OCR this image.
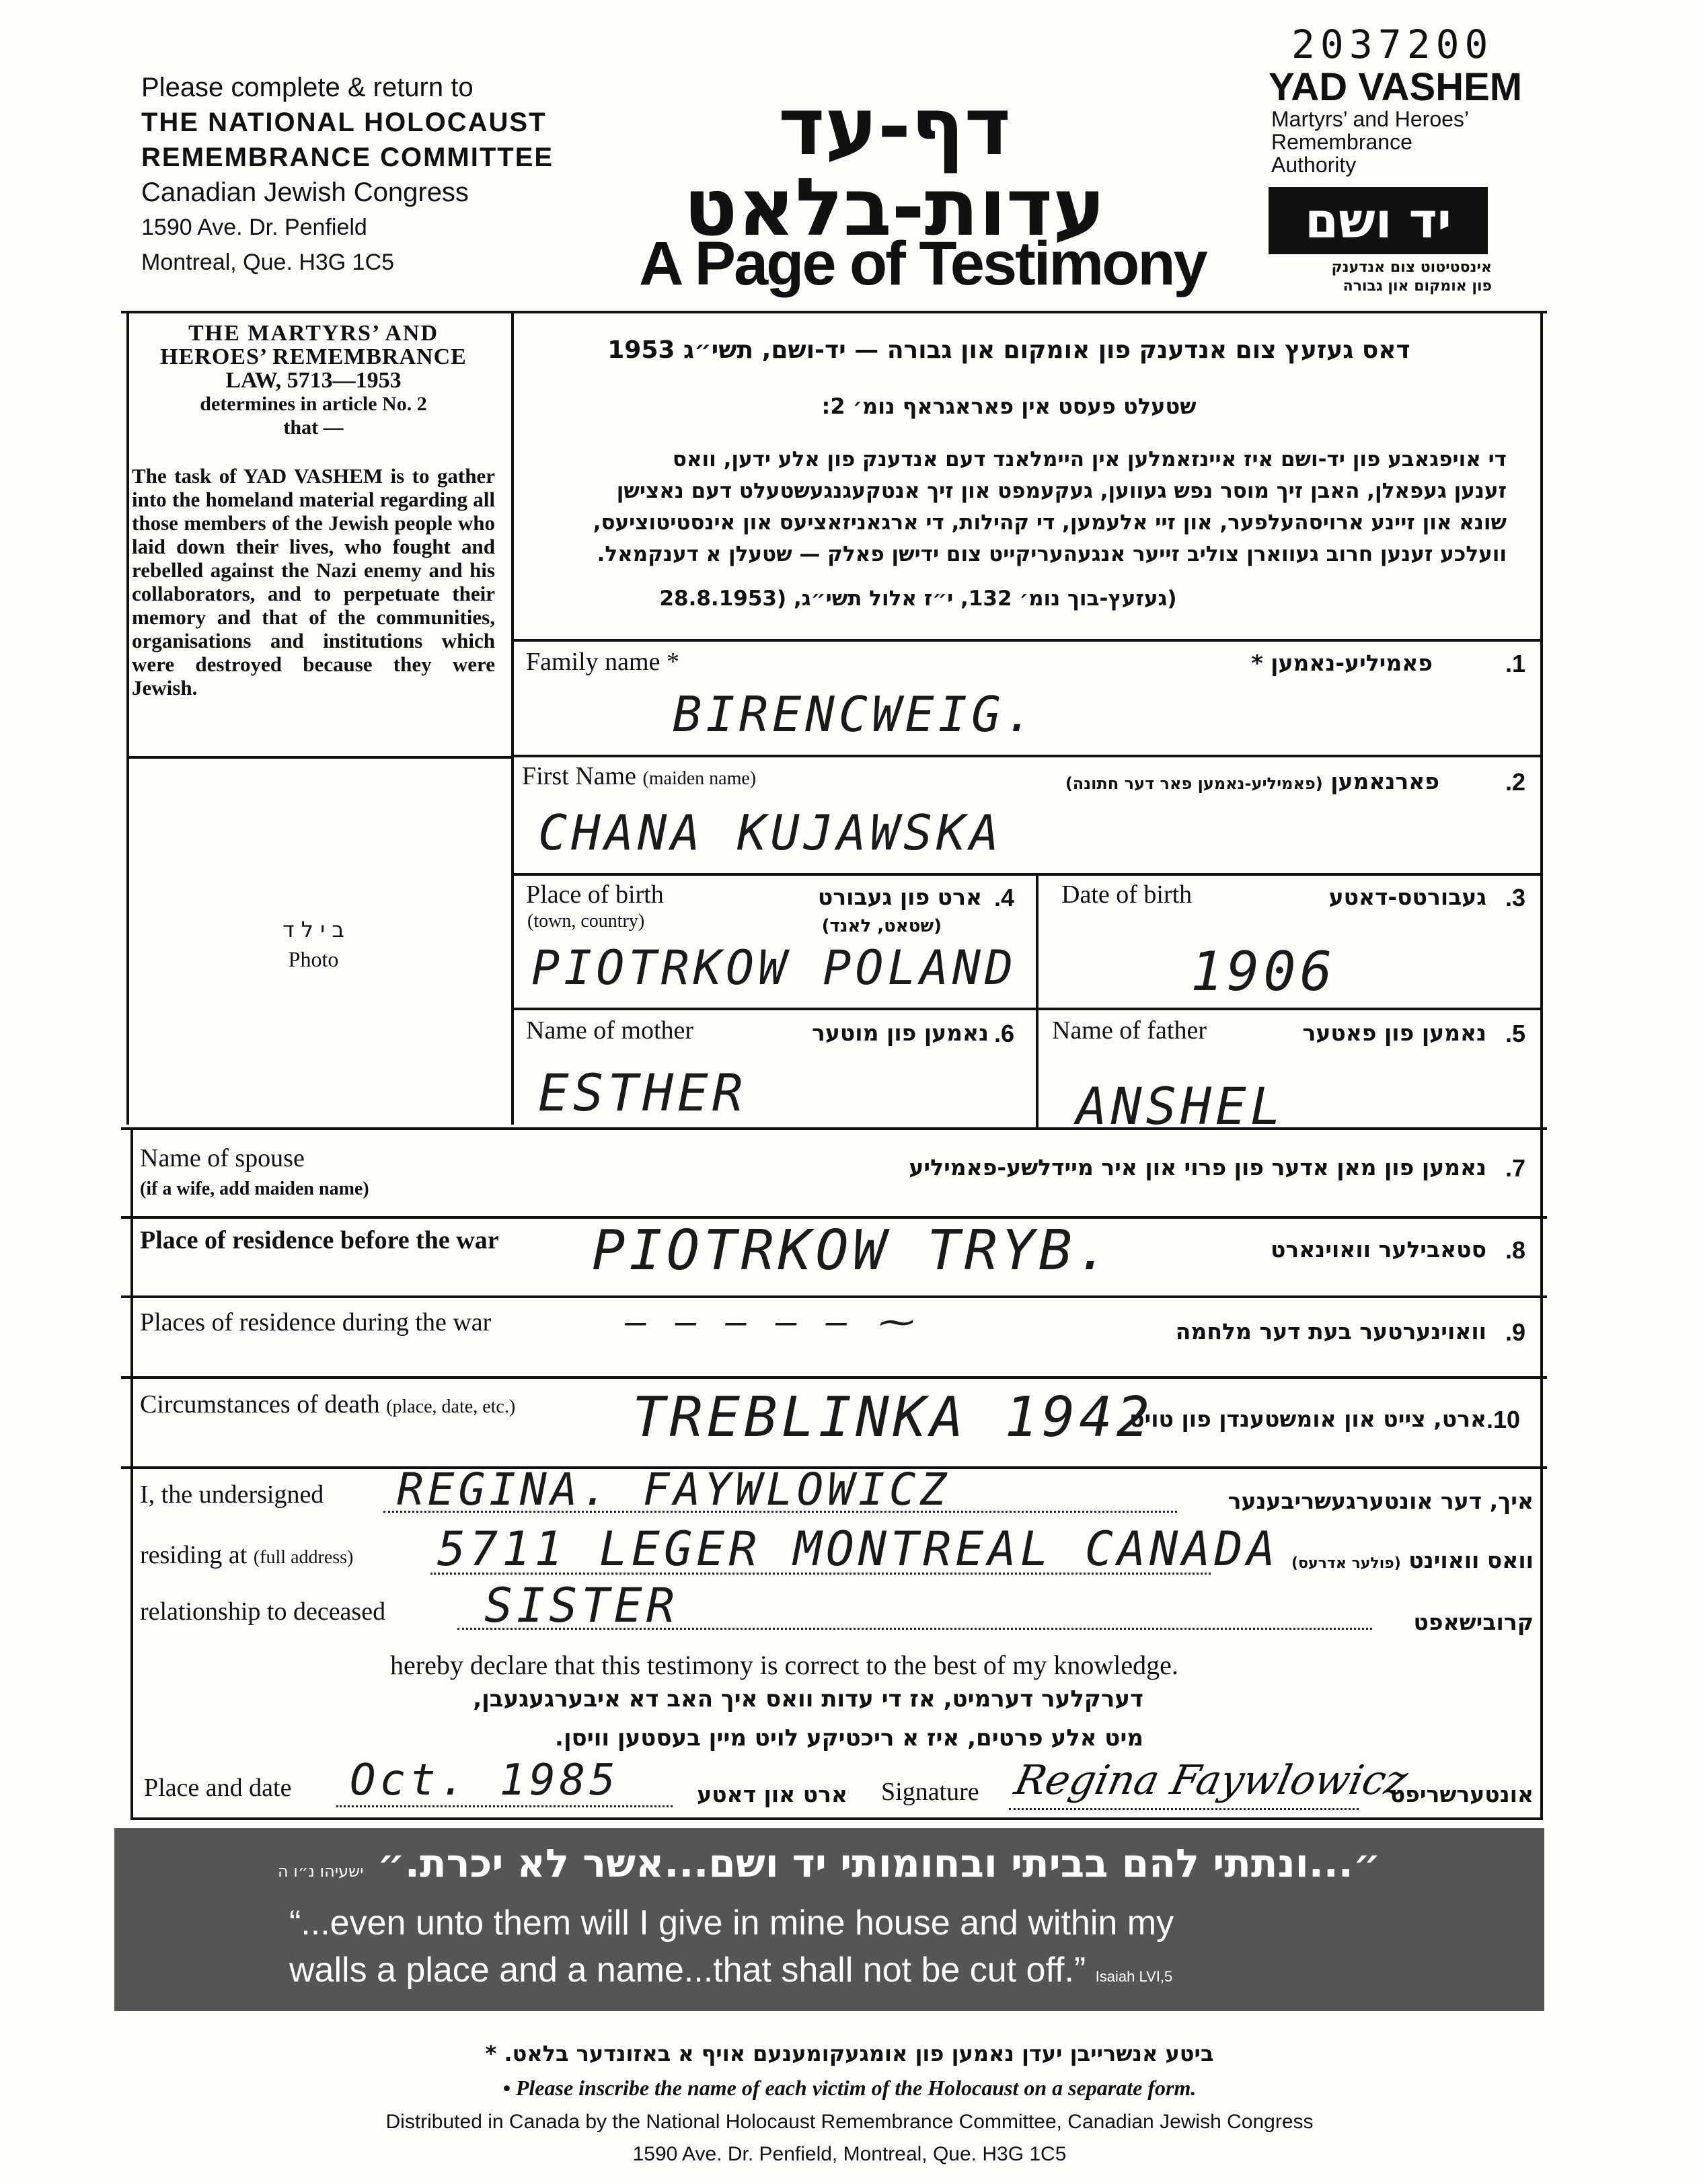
Please complete & return to
THE NATIONAL HOLOCAUST
REMEMBRANCE COMMITTEE
Canadian Jewish Congress
1590 Ave. Dr. Penfield
Montreal, Que. H3G 1C5
דף-עד
עדות-בלאט
A Page of Testimony
2037200
YAD VASHEM
Martyrs’ and Heroes’
Remembrance
Authority
יד ושם
אינסטיטוט צום אנדענק
פון אומקום און גבורה
THE MARTYRS’ AND
HEROES’ REMEMBRANCE
LAW, 5713—1953
determines in article No. 2
that —
The task of YAD VASHEM is to gather into the homeland material regarding all those members of the Jewish people who laid down their lives, who fought and rebelled against the Nazi enemy and his collaborators, and to perpetuate their memory and that of the communities, organisations and institutions which were destroyed because they were Jewish.
ב י ל ד
Photo
דאס געזעץ צום אנדענק פון אומקום און גבורה — יד-ושם, תשי״ג 1953
שטעלט פעסט אין פאראגראף נומ׳ 2:
די אויפגאבע פון יד-ושם איז איינזאמלען אין היימלאנד דעם אנדענק פון אלע ידען, וואס
זענען געפאלן, האבן זיך מוסר נפש געווען, געקעמפט און זיך אנטקעגנגעשטעלט דעם נאצישן
שונא און זיינע ארויסהעלפער, און זיי אלעמען, די קהילות, די ארגאניזאציעס און אינסטיטוציעס,
וועלכע זענען חרוב געווארן צוליב זייער אנגעהעריקייט צום ידישן פאלק — שטעלן א דענקמאל.
(געזעץ-בוך נומ׳ 132, י״ז אלול תשי״ג, (28.8.1953
Family name *	פאמיליע-נאמען *	.1
BIRENCWEIG.
First Name (maiden name)	פארנאמען (פאמיליע-נאמען פאר דער חתונה)	.2
CHANA KUJAWSKA
Place of birth
(town, country)
ארט פון געבורט
(שטאט, לאנד)
.4
PIOTRKOW POLAND
Date of birth	געבורטס-דאטע .3
1906
Name of mother	נאמען פון מוטער .6
ESTHER
Name of father	נאמען פון פאטער .5
ANSHEL
Name of spouse
(if a wife, add maiden name)
נאמען פון מאן אדער פון פרוי און איר מיידלשע-פאמיליע .7
Place of residence before the war	סטאבילער וואוינארט .8
PIOTRKOW TRYB.
Places of residence during the war	וואוינערטער בעת דער מלחמה .9
– – – – – ⁓
Circumstances of death (place, date, etc.)	ארט, צייט און אומשטענדן פון טויט .10
TREBLINKA 1942
I, the undersigned REGINA. FAYWLOWICZ	איך, דער אונטערגעשריבענער
residing at (full address) 5711 LEGER MONTREAL CANADA	וואס וואוינט (פולער אדרעס)
relationship to deceased SISTER	קרובישאפט
hereby declare that this testimony is correct to the best of my knowledge.
דערקלער דערמיט, אז די עדות וואס איך האב דא איבערגעגעבן,
מיט אלע פרטים, איז א ריכטיקע לויט מיין בעסטען וויסן.
Place and date Oct. 1985	ארט און דאטע Signature Regina Faywlowicz
אונטערשריפט
״...ונתתי להם בביתי ובחומותי יד ושם...אשר לא יכרת.״ ישעיהו נ״ו ה
“...even unto them will I give in mine house and within my
walls a place and a name...that shall not be cut off.” Isaiah LVI,5
ביטע אנשרייבן יעדן נאמען פון אומגעקומענעם אויף א באזונדער בלאט. *
• Please inscribe the name of each victim of the Holocaust on a separate form.
Distributed in Canada by the National Holocaust Remembrance Committee, Canadian Jewish Congress
1590 Ave. Dr. Penfield, Montreal, Que. H3G 1C5
